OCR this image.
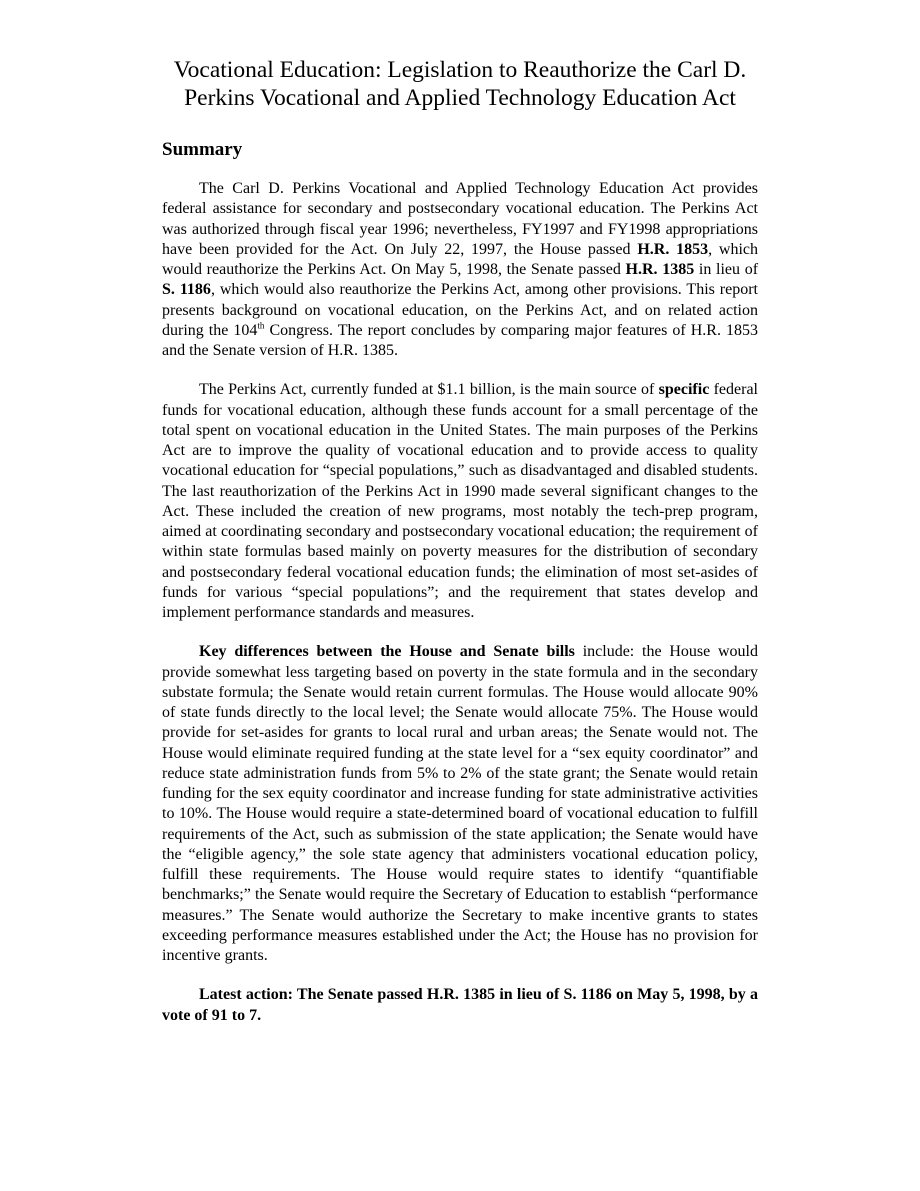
Vocational Education: Legislation to Reauthorize the Carl D.
Perkins Vocational and Applied Technology Education Act
Summary

The Carl D. Perkins Vocational and Applied Technology Education Act provides federal assistance for secondary and postsecondary vocational education. The Perkins Act was authorized through fiscal year 1996; nevertheless, FY1997 and FY1998 appropriations have been provided for the Act. On July 22, 1997, the House passed H.R. 1853, which would reauthorize the Perkins Act. On May 5, 1998, the Senate passed H.R. 1385 in lieu of S. 1186, which would also reauthorize the Perkins Act, among other provisions. This report presents background on vocational education, on the Perkins Act, and on related action during the 104th Congress. The report concludes by comparing major features of H.R. 1853 and the Senate version of H.R. 1385.

The Perkins Act, currently funded at $1.1 billion, is the main source of specific federal funds for vocational education, although these funds account for a small percentage of the total spent on vocational education in the United States. The main purposes of the Perkins Act are to improve the quality of vocational education and to provide access to quality vocational education for “special populations,” such as disadvantaged and disabled students. The last reauthorization of the Perkins Act in 1990 made several significant changes to the Act. These included the creation of new programs, most notably the tech-prep program, aimed at coordinating secondary and postsecondary vocational education; the requirement of within state formulas based mainly on poverty measures for the distribution of secondary and postsecondary federal vocational education funds; the elimination of most set-asides of funds for various “special populations”; and the requirement that states develop and implement performance standards and measures.

Key differences between the House and Senate bills include: the House would provide somewhat less targeting based on poverty in the state formula and in the secondary substate formula; the Senate would retain current formulas. The House would allocate 90% of state funds directly to the local level; the Senate would allocate 75%. The House would provide for set-asides for grants to local rural and urban areas; the Senate would not. The House would eliminate required funding at the state level for a “sex equity coordinator” and reduce state administration funds from 5% to 2% of the state grant; the Senate would retain funding for the sex equity coordinator and increase funding for state administrative activities to 10%. The House would require a state-determined board of vocational education to fulfill requirements of the Act, such as submission of the state application; the Senate would have the “eligible agency,” the sole state agency that administers vocational education policy, fulfill these requirements. The House would require states to identify “quantifiable benchmarks;” the Senate would require the Secretary of Education to establish “performance measures.” The Senate would authorize the Secretary to make incentive grants to states exceeding performance measures established under the Act; the House has no provision for incentive grants.

Latest action: The Senate passed H.R. 1385 in lieu of S. 1186 on May 5, 1998, by a vote of 91 to 7.
